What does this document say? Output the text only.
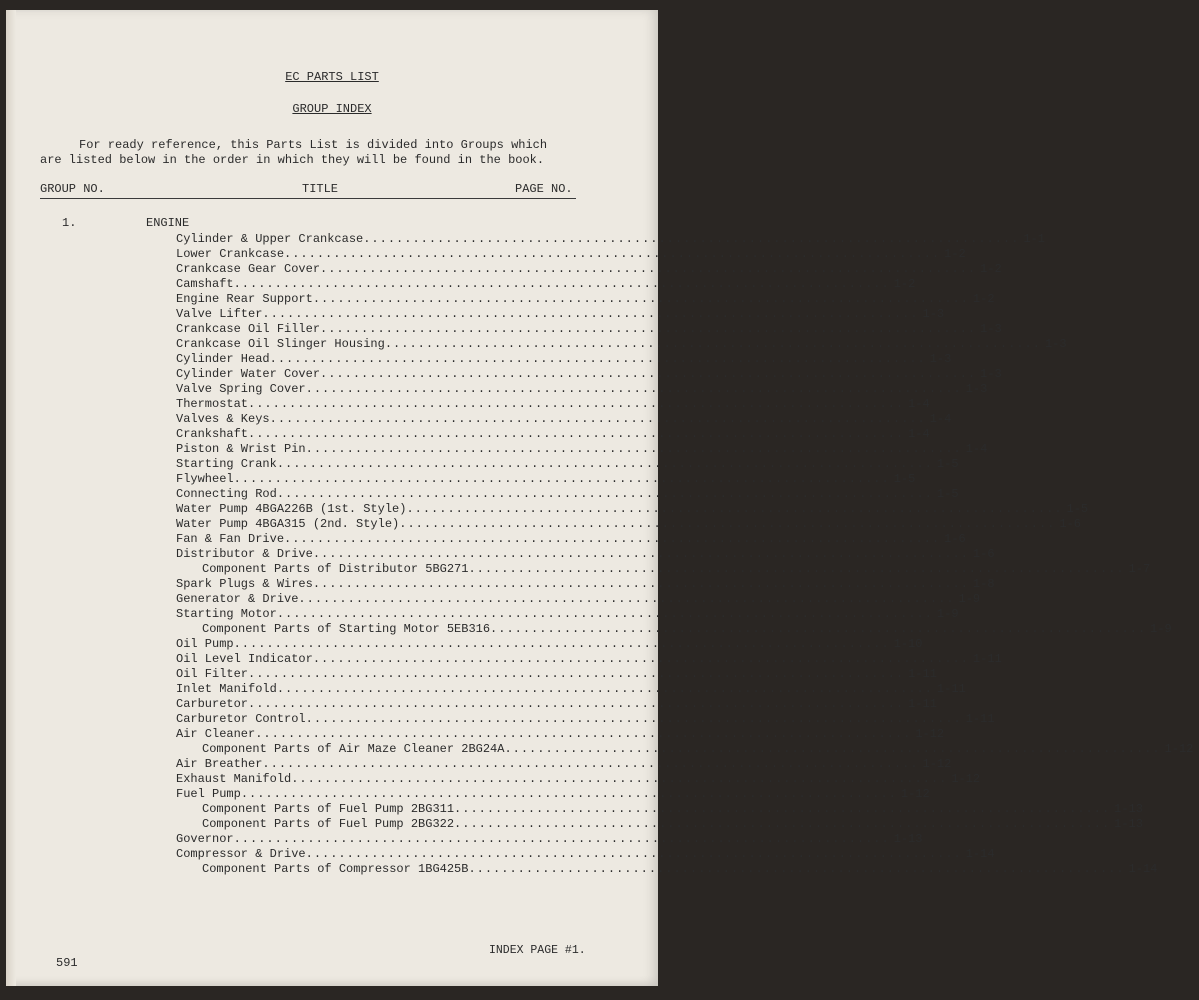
EC PARTS LIST
GROUP INDEX
For ready reference, this Parts List is divided into Groups which
are listed below in the order in which they will be found in the book.
GROUP NO.	TITLE	PAGE NO.
1.	ENGINE
Cylinder & Upper Crankcase ................................................................................ 1-1
Lower Crankcase ................................................................................ 1-2
Crankcase Gear Cover ................................................................................ 1-2
Camshaft ................................................................................ 1-2
Engine Rear Support ................................................................................ 1-2
Valve Lifter ................................................................................ 1-3
Crankcase Oil Filler ................................................................................ 1-3
Crankcase Oil Slinger Housing ................................................................................ 1-3
Cylinder Head ................................................................................ 1-3
Cylinder Water Cover ................................................................................ 1-3
Valve Spring Cover ................................................................................ 1-3
Thermostat ................................................................................ 1-4
Valves & Keys ................................................................................ 1-4
Crankshaft ................................................................................ 1-4
Piston & Wrist Pin ................................................................................ 1-4
Starting Crank ................................................................................ 1-5
Flywheel ................................................................................ 1-5
Connecting Rod ................................................................................ 1-5
Water Pump 4BGA226B (1st. Style) ................................................................................ 1-5
Water Pump 4BGA315 (2nd. Style) ................................................................................ 1-6
Fan & Fan Drive ................................................................................ 1-6
Distributor & Drive ................................................................................ 1-6
Component Parts of Distributor 5BG271 ................................................................................ 1-7
Spark Plugs & Wires ................................................................................ 1-8
Generator & Drive ................................................................................ 1-9
Starting Motor ................................................................................ 1-9
Component Parts of Starting Motor 5EB316 ................................................................................ 1-9
Oil Pump ................................................................................ 1-10
Oil Level Indicator ................................................................................ 1-11
Oil Filter ................................................................................ 1-11
Inlet Manifold ................................................................................ 1-11
Carburetor ................................................................................ 1-11
Carburetor Control ................................................................................ 1-11
Air Cleaner ................................................................................ 1-12
Component Parts of Air Maze Cleaner 2BG24A ................................................................................ 1-12
Air Breather ................................................................................ 1-12
Exhaust Manifold ................................................................................ 1-12
Fuel Pump ................................................................................ 1-12
Component Parts of Fuel Pump 2BG311 ................................................................................ 1-13
Component Parts of Fuel Pump 2BG322 ................................................................................ 1-13
Governor ................................................................................ 1-13
Compressor & Drive ................................................................................ 1-14
Component Parts of Compressor 1BG425B ................................................................................ 1-14
591
INDEX PAGE #1.
